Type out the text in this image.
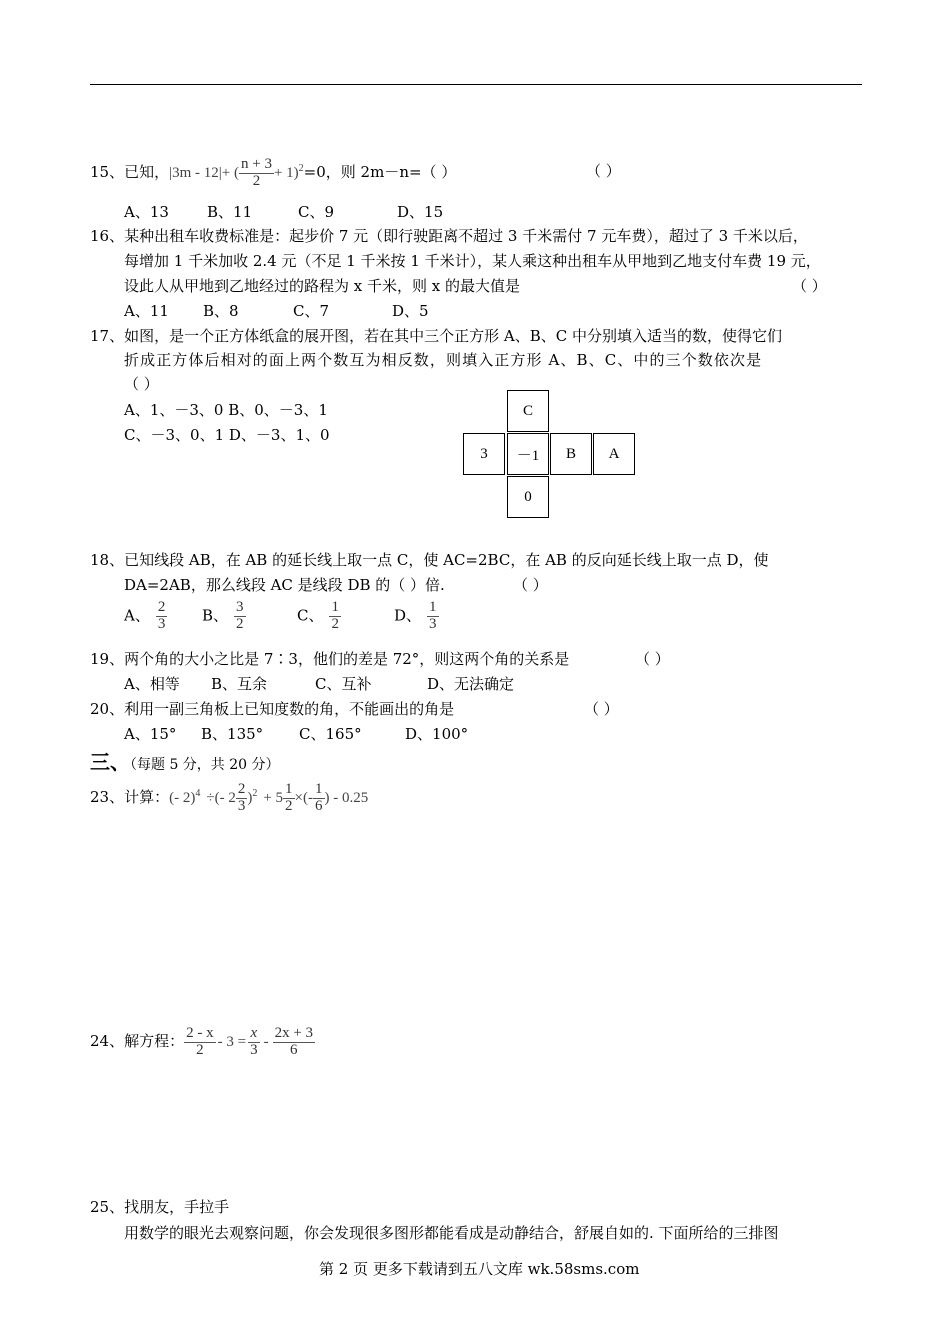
15、已知，|3m - 12|+ ( $\frac{n + 3}{2} + 1)^2=0$，则 2m－n=（ ）	（ ）
A、13	B、11	C、9	D、15
16、某种出租车收费标准是：起步价 7 元（即行驶距离不超过 3 千米需付 7 元车费），超过了 3 千米以后，
每增加 1 千米加收 2.4 元（不足 1 千米按 1 千米计），某人乘这种出租车从甲地到乙地支付车费 19 元，
设此人从甲地到乙地经过的路程为 x 千米，则 x 的最大值是	（ ）
A、11 B、8	C、7	D、5
17、如图，是一个正方体纸盒的展开图，若在其中三个正方形 A、B、C 中分别填入适当的数，使得它们
折成正方体后相对的面上两个数互为相反数，则填入正方形 A、B、C、中的三个数依次是
（ ）
A、1、－3、0 B、0、－3、1
C、－3、0、1 D、－3、1、0
C
3	－1	B	A
0
18、已知线段 AB，在 AB 的延长线上取一点 C，使 AC=2BC，在 AB 的反向延长线上取一点 D，使
DA=2AB，那么线段 AC 是线段 DB 的（ ）倍.	（ ）
A、 $\frac{2}{3}$ B、 $\frac{3}{2}$	C、 $\frac{1}{2}$	D、 $\frac{1}{3}$
19、两个角的大小之比是 7∶3，他们的差是 72°，则这两个角的关系是	（ ）
A、相等 B、互余	C、互补	D、无法确定
20、利用一副三角板上已知度数的角，不能画出的角是	（ ）
A、15° B、135° C、165°	D、100°
三、（每题 5 分，共 20 分）
23、计算：(- 2)$^4$ ÷(- $2 \frac{2}{3} )^2 + 5 \frac{1}{2}$ ×(- $\frac{1}{6}$ ) - 0.25
24、解方程： $\frac{2 - x}{2} - 3 = \frac{x}{3} - \frac{2x + 3}{6}$
25、找朋友，手拉手
用数学的眼光去观察问题，你会发现很多图形都能看成是动静结合，舒展自如的. 下面所给的三排图
第 2 页 更多下载请到五八文库 wk.58sms.com
